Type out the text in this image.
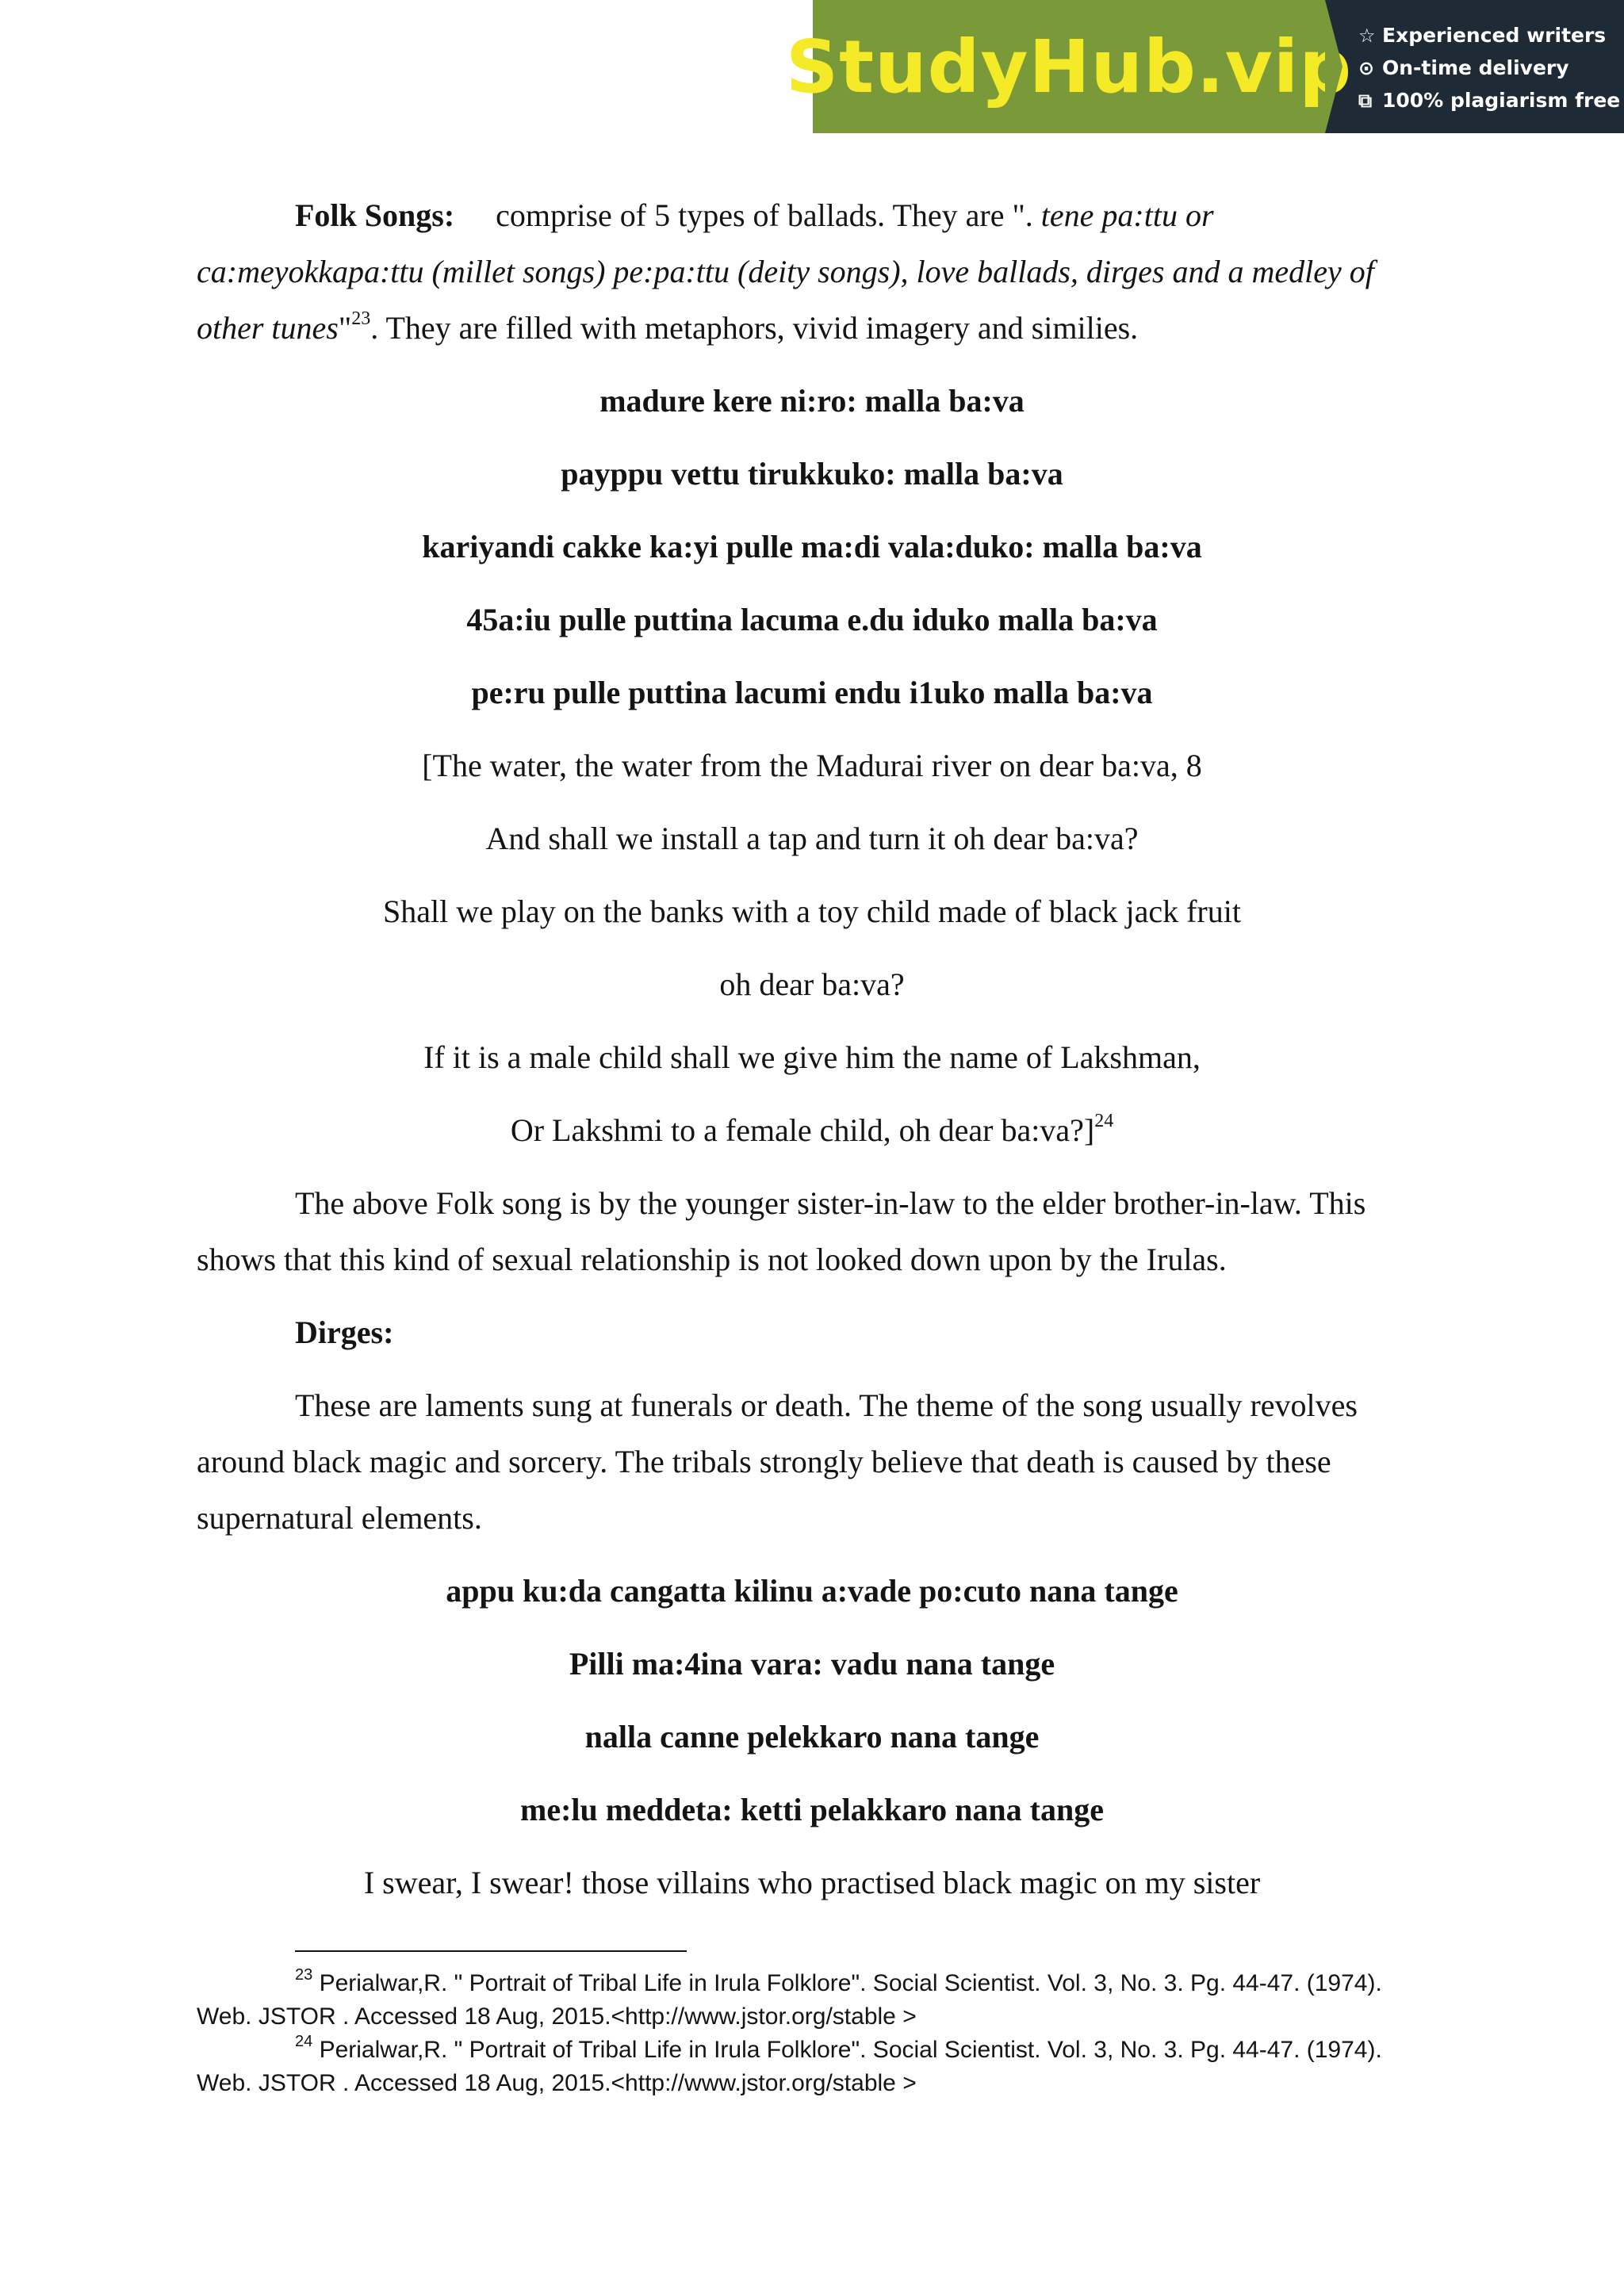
StudyHub.vip ☆ Experienced writers
⊙ On-time delivery
⧉ 100% plagiarism free

Folk Songs: comprise of 5 types of ballads. They are ". tene pa:ttu or

ca:meyokkapa:ttu (millet songs) pe:pa:ttu (deity songs), love ballads, dirges and a medley of

other tunes"$^{23}$. They are filled with metaphors, vivid imagery and similies.

madure kere ni:ro: malla ba:va

payppu vettu tirukkuko: malla ba:va

kariyandi cakke ka:yi pulle ma:di vala:duko: malla ba:va

45a:iu pulle puttina lacuma e.du iduko malla ba:va

pe:ru pulle puttina lacumi endu i1uko malla ba:va

[The water, the water from the Madurai river on dear ba:va, 8

And shall we install a tap and turn it oh dear ba:va?

Shall we play on the banks with a toy child made of black jack fruit

oh dear ba:va?

If it is a male child shall we give him the name of Lakshman,

Or Lakshmi to a female child, oh dear ba:va?]$^{24}$

The above Folk song is by the younger sister-in-law to the elder brother-in-law. This

shows that this kind of sexual relationship is not looked down upon by the Irulas.

Dirges:

These are laments sung at funerals or death. The theme of the song usually revolves

around black magic and sorcery. The tribals strongly believe that death is caused by these

supernatural elements.

appu ku:da cangatta kilinu a:vade po:cuto nana tange

Pilli ma:4ina vara: vadu nana tange

nalla canne pelekkaro nana tange

me:lu meddeta: ketti pelakkaro nana tange

I swear, I swear! those villains who practised black magic on my sister

$^{23}$ Perialwar,R. " Portrait of Tribal Life in Irula Folklore". Social Scientist. Vol. 3, No. 3. Pg. 44-47. (1974).

Web. JSTOR . Accessed 18 Aug, 2015.<http://www.jstor.org/stable >

$^{24}$ Perialwar,R. " Portrait of Tribal Life in Irula Folklore". Social Scientist. Vol. 3, No. 3. Pg. 44-47. (1974).

Web. JSTOR . Accessed 18 Aug, 2015.<http://www.jstor.org/stable >
